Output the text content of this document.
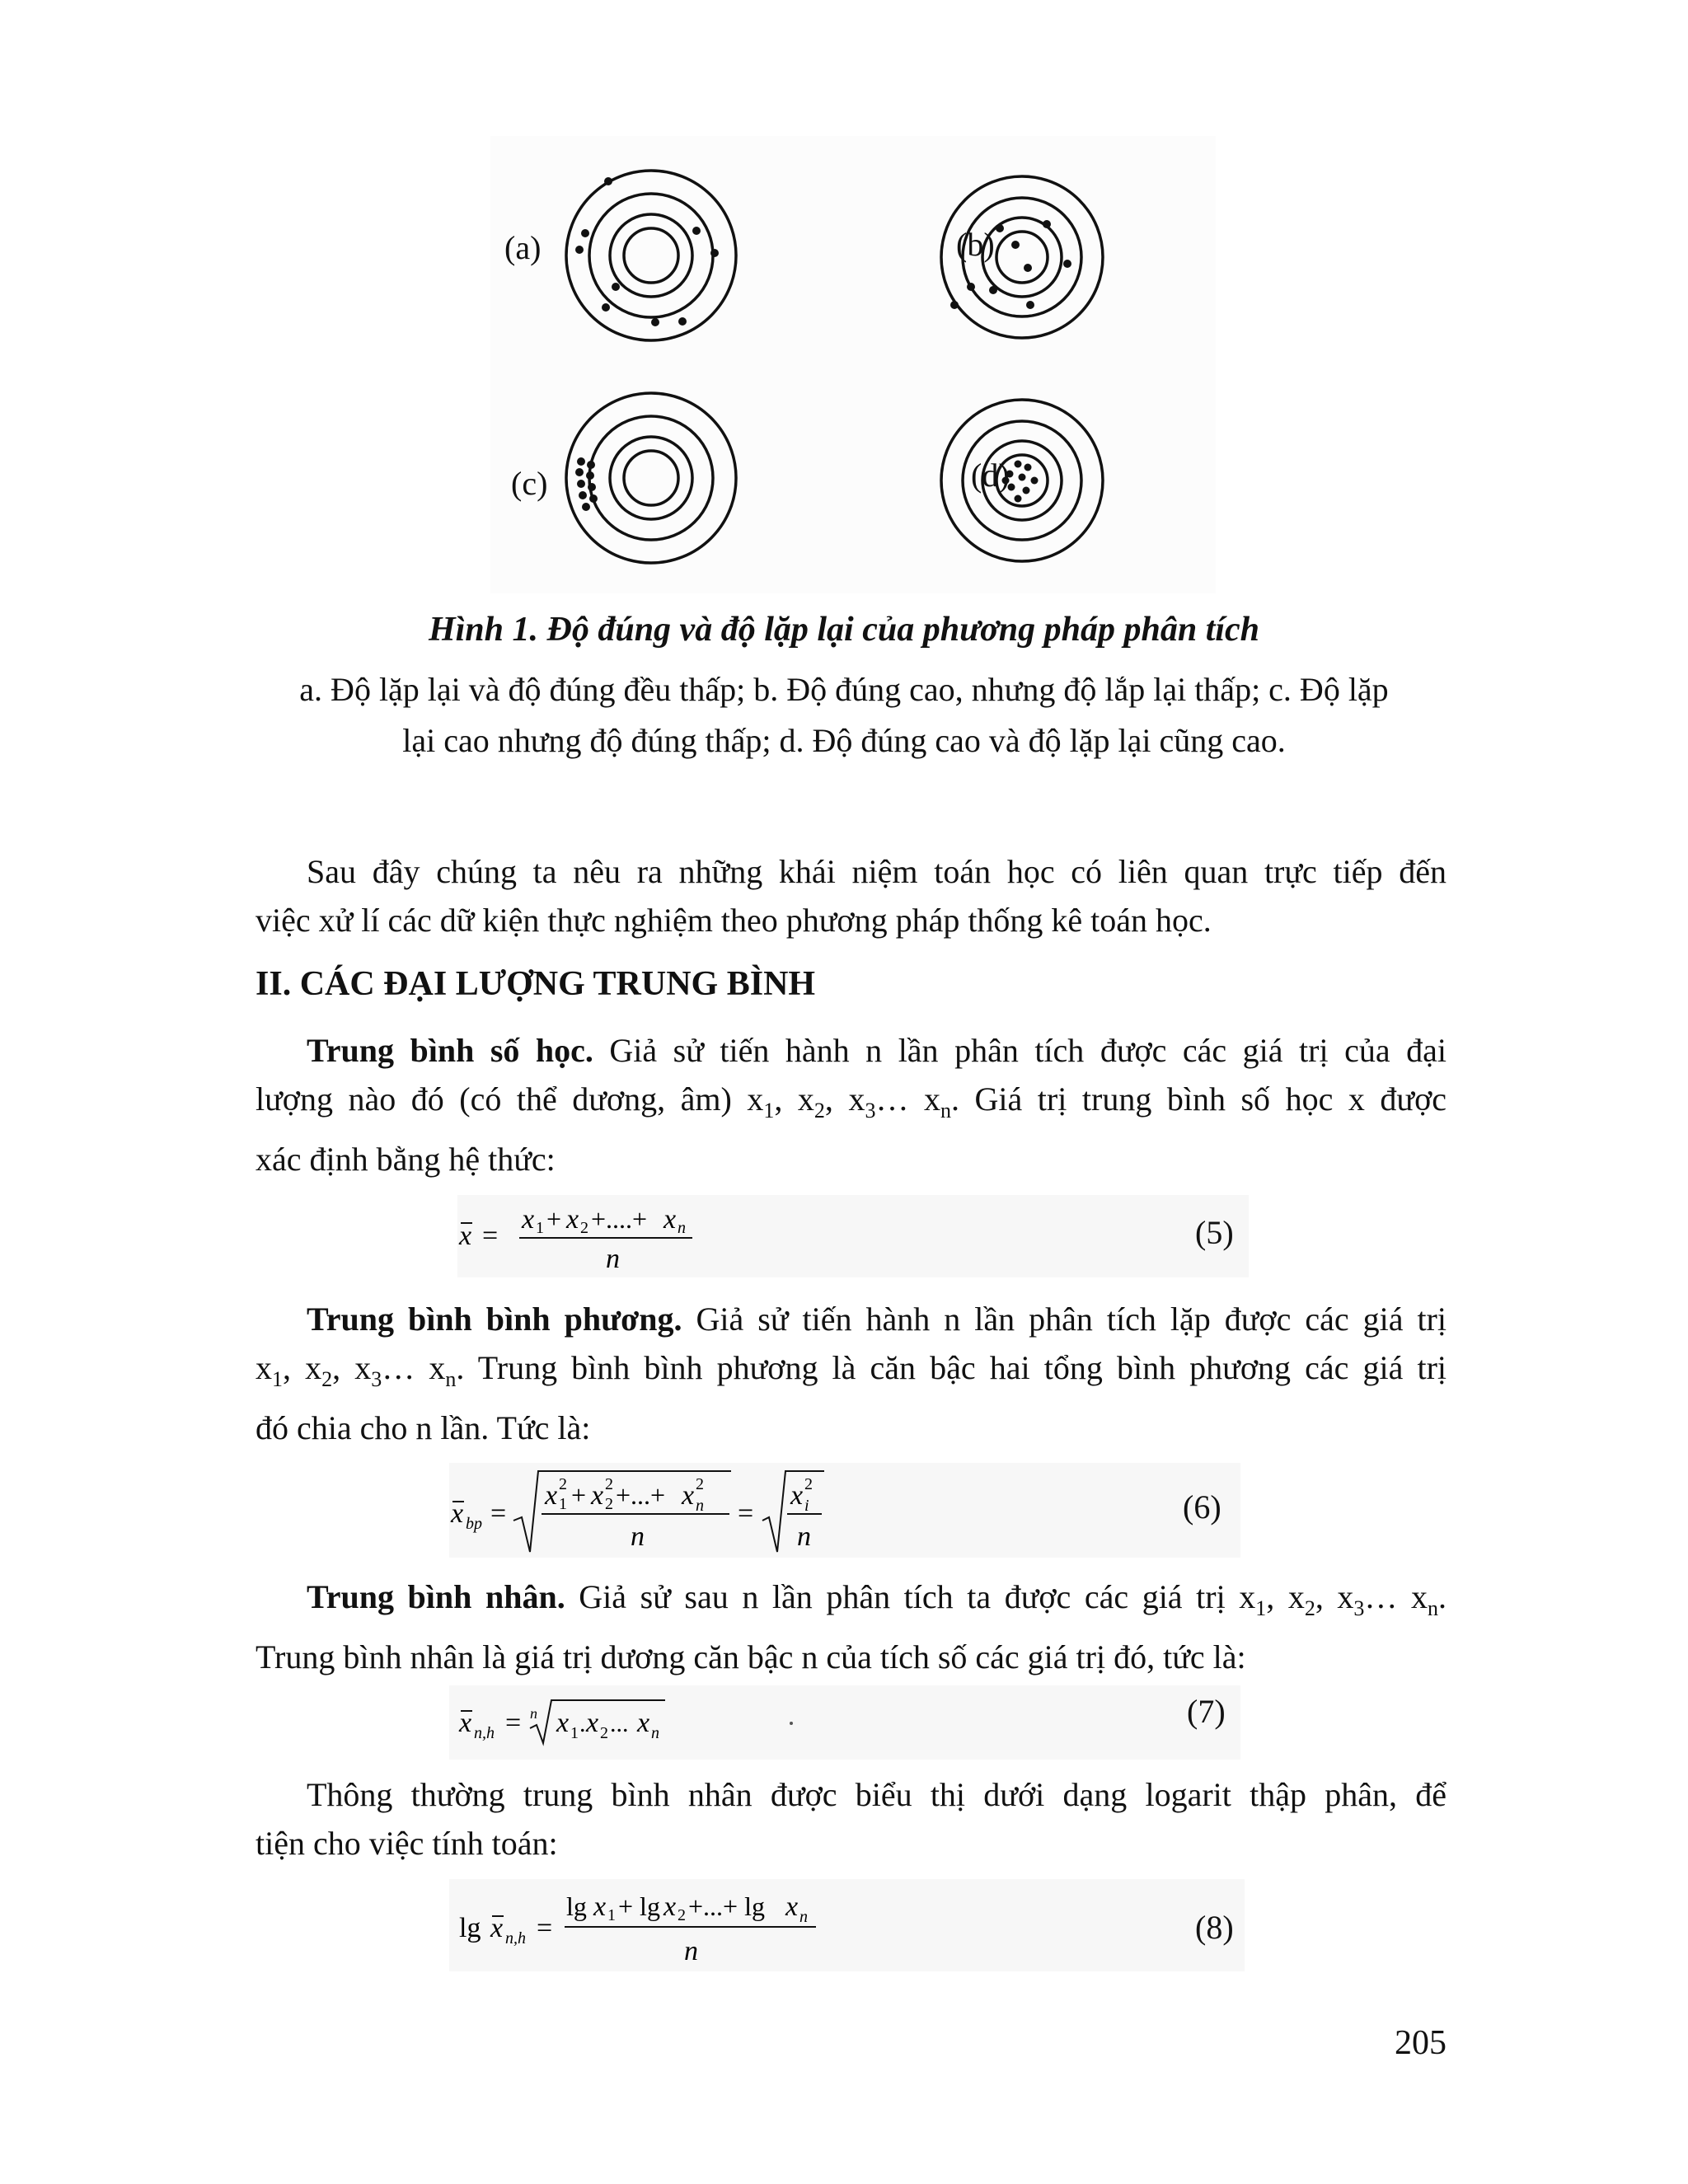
(a)	(b)
(c)	(d)
Hình 1. Độ đúng và độ lặp lại của phương pháp phân tích
a. Độ lặp lại và độ đúng đều thấp; b. Độ đúng cao, nhưng độ lắp lại thấp; c. Độ lặp
lại cao nhưng độ đúng thấp; d. Độ đúng cao và độ lặp lại cũng cao.
Sau đây chúng ta nêu ra những khái niệm toán học có liên quan trực tiếp đến
việc xử lí các dữ kiện thực nghiệm theo phương pháp thống kê toán học.
II. CÁC ĐẠI LƯỢNG TRUNG BÌNH
Trung bình số học. Giả sử tiến hành n lần phân tích được các giá trị của đại
lượng nào đó (có thể dương, âm) $x_1$, $x_2$, $x_3\dots$ $x_n$. Giá trị trung bình số học x được
xác định bằng hệ thức:
x =
x 1 + x 2 +....+ x n
n
(5)
Trung bình bình phương. Giả sử tiến hành n lần phân tích lặp được các giá trị
$x_1$, $x_2$, $x_3\dots$ $x_n$. Trung bình bình phương là căn bậc hai tổng bình phương các giá trị
đó chia cho n lần. Tức là:
x bp =
x 1
2 + x 2
2 +...+ x n
2
n
=
x i
2
n
(6)
Trung bình nhân. Giả sử sau n lần phân tích ta được các giá trị $x_1$, $x_2$, $x_3\dots$ $x_n$.
Trung bình nhân là giá trị dương căn bậc n của tích số các giá trị đó, tức là:
x n,h = n x 1 . x 2 ... x n
(7)
Thông thường trung bình nhân được biểu thị dưới dạng logarit thập phân, để
tiện cho việc tính toán:
lg x n,h =
lg x 1 + lg x 2 +...+ lg x n
n
(8)
205
